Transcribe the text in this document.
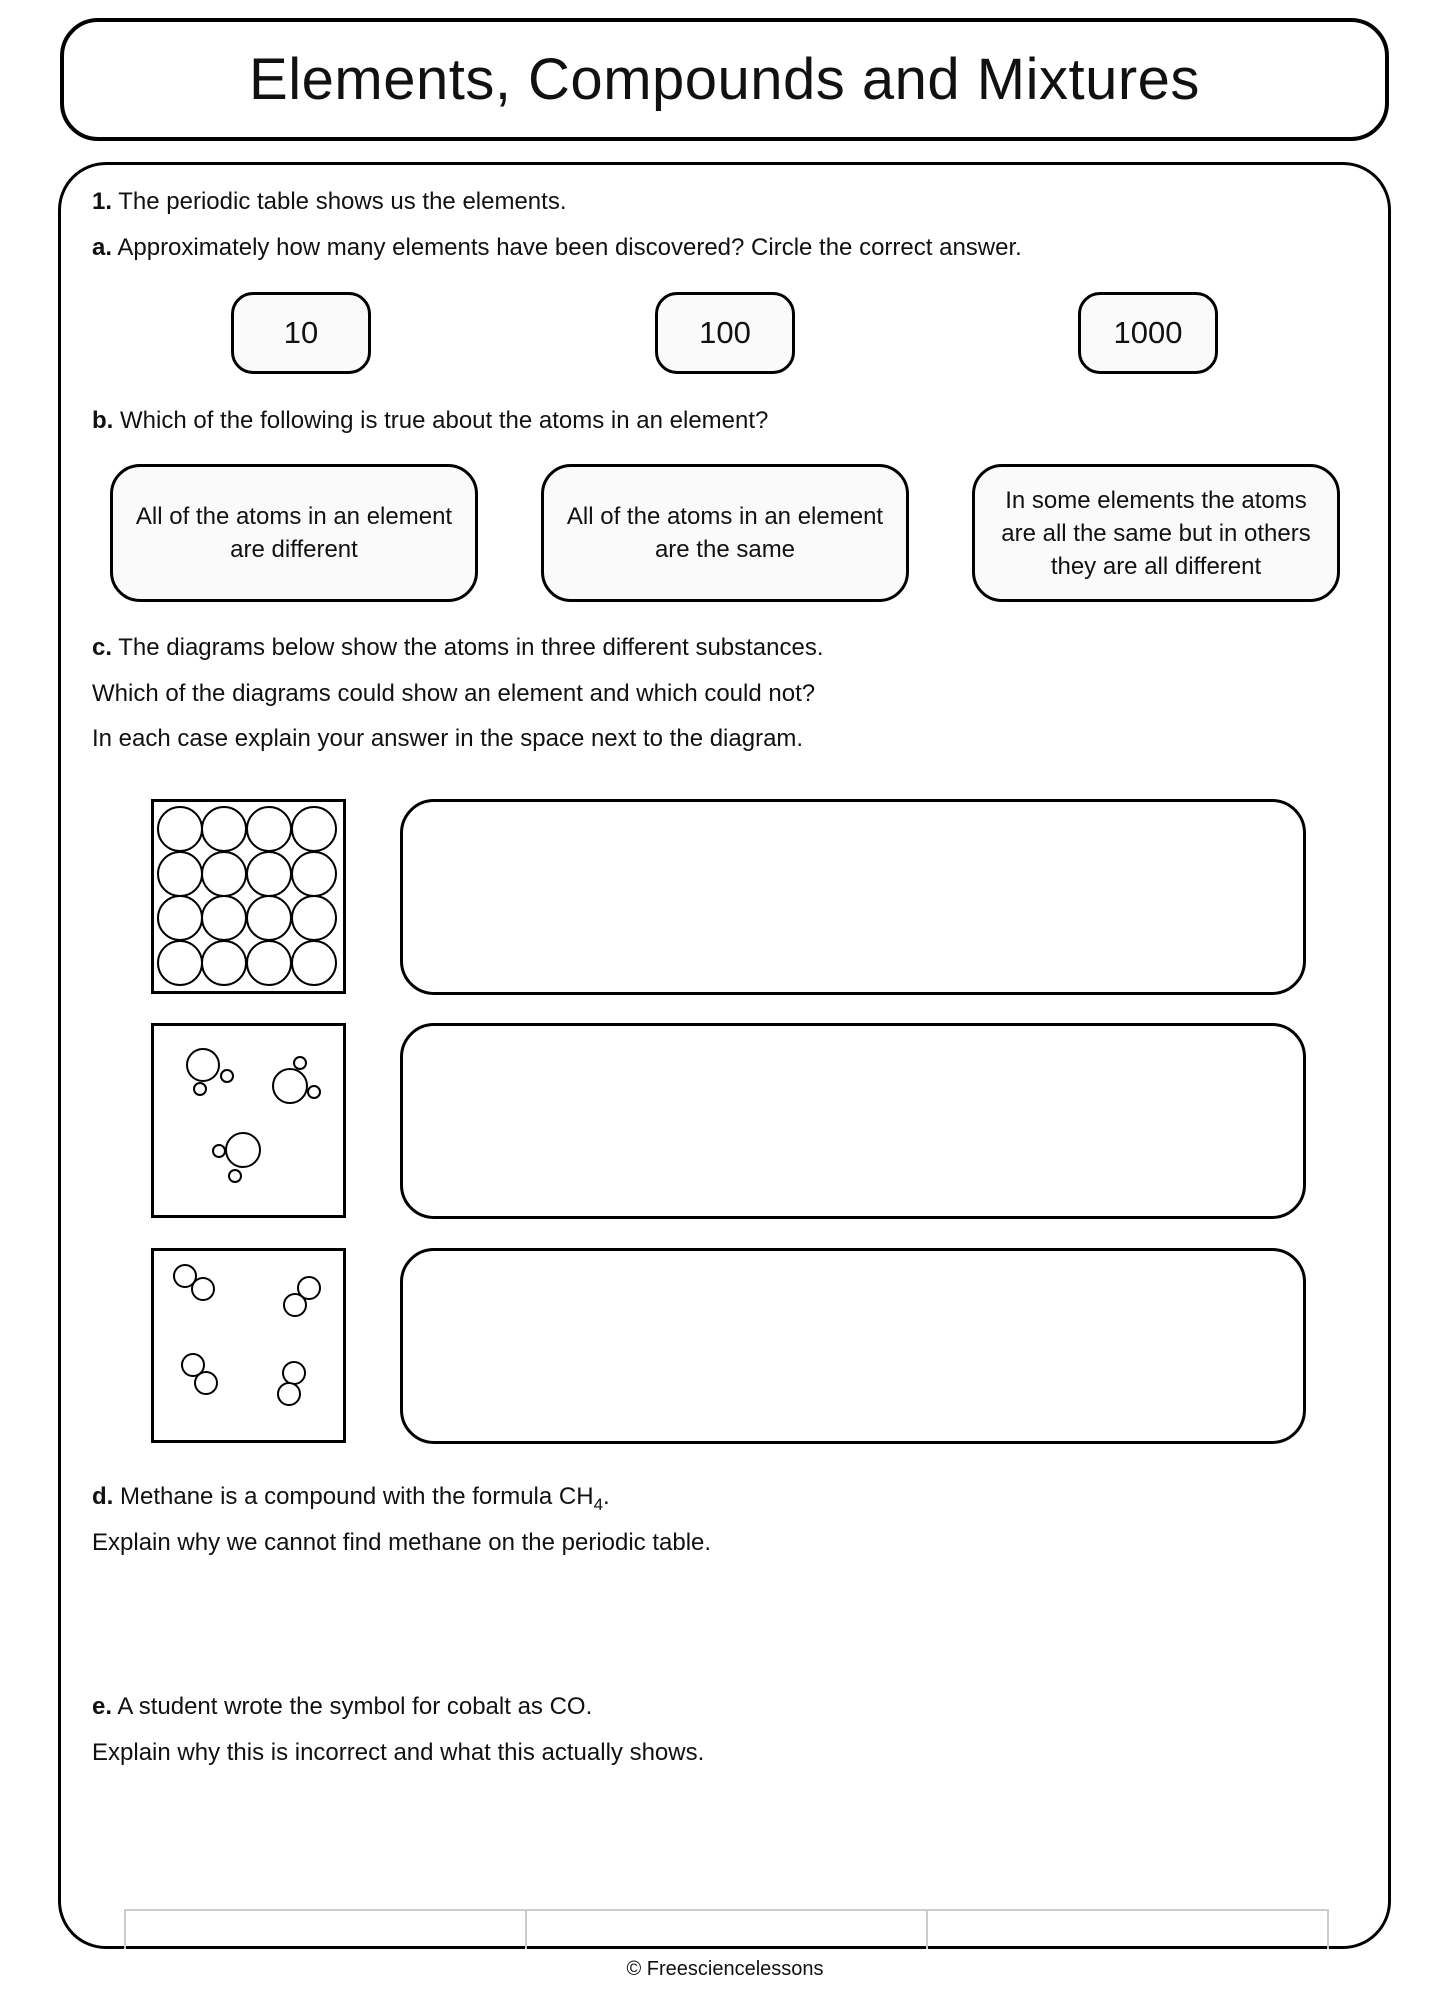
Elements, Compounds and Mixtures
1. The periodic table shows us the elements.
a. Approximately how many elements have been discovered? Circle the correct answer.
10	100	1000
b. Which of the following is true about the atoms in an element?
All of the atoms in an element are different
All of the atoms in an element are the same
In some elements the atoms are all the same but in others they are all different
c. The diagrams below show the atoms in three different substances.
Which of the diagrams could show an element and which could not?
In each case explain your answer in the space next to the diagram.
d. Methane is a compound with the formula $CH_4$.
Explain why we cannot find methane on the periodic table.
e. A student wrote the symbol for cobalt as CO.
Explain why this is incorrect and what this actually shows.
© Freesciencelessons
